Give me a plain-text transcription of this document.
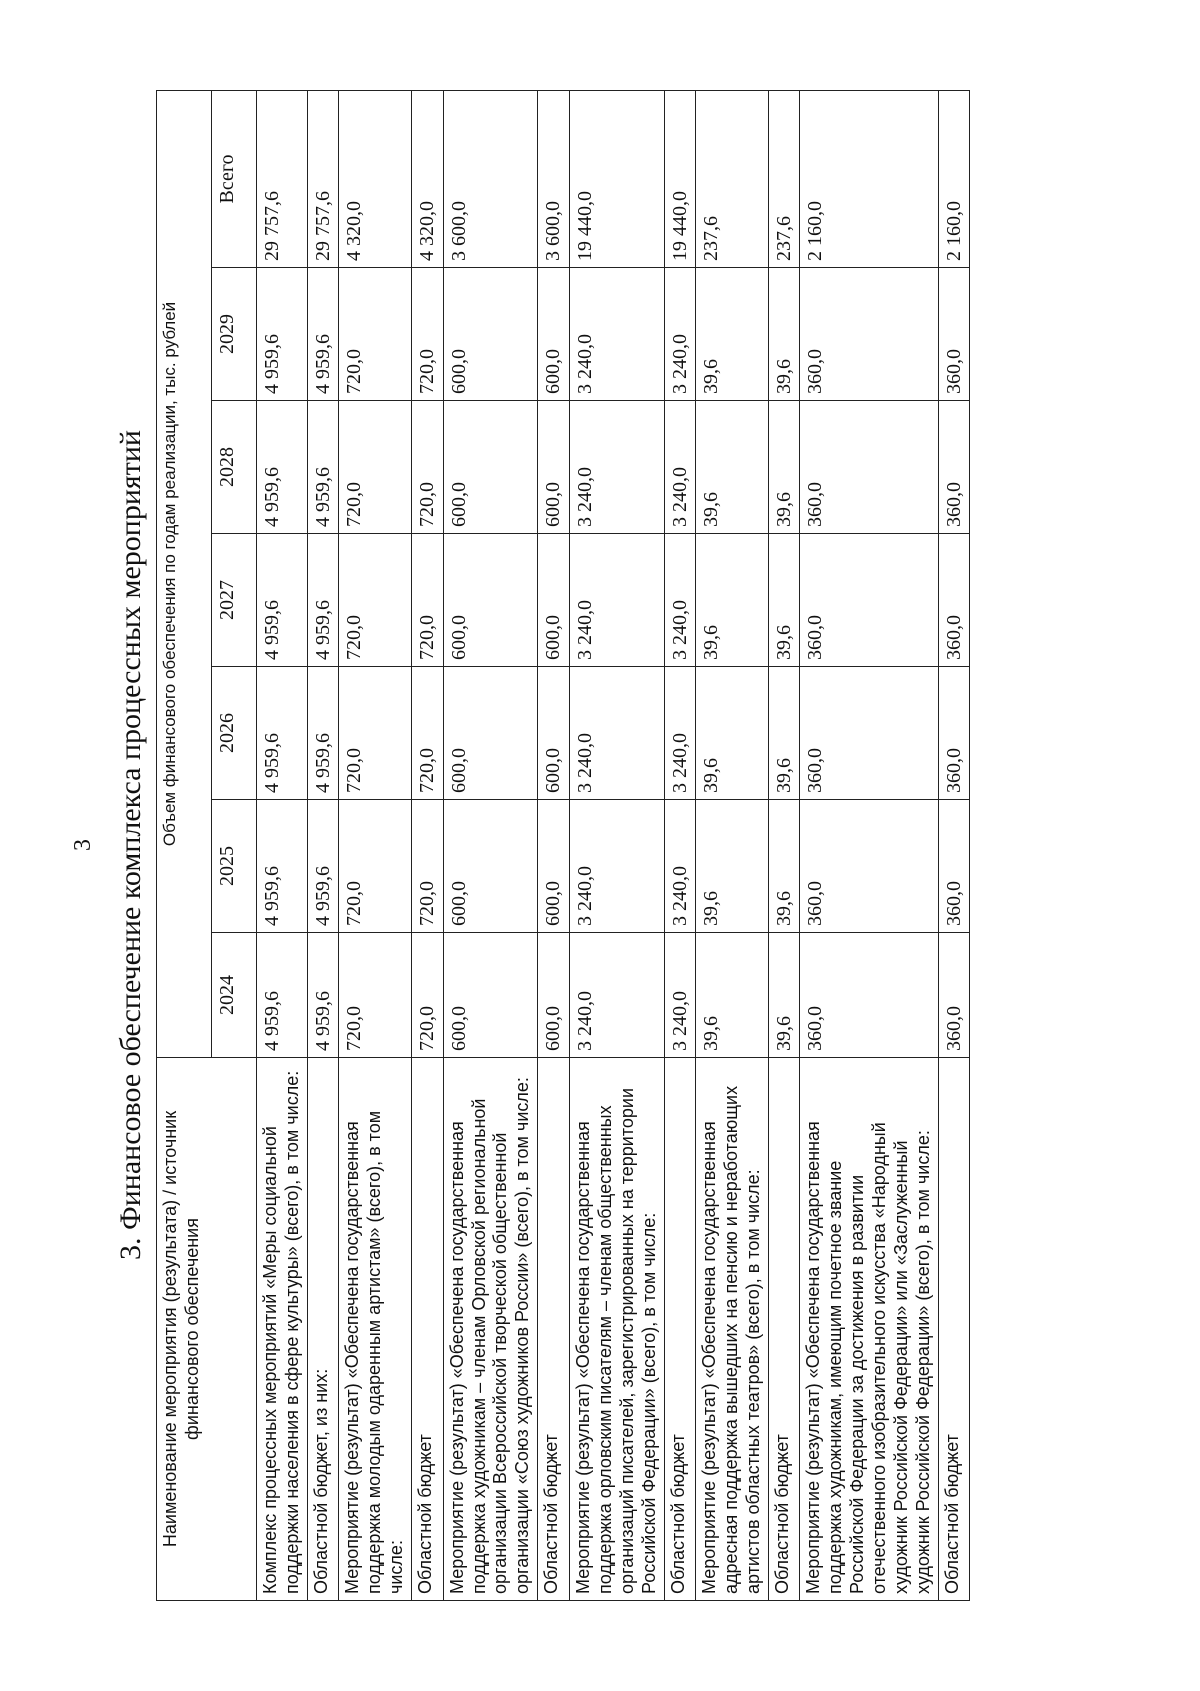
3 3. Финансовое обеспечение комплекса процессных мероприятий
Наименование мероприятия (результата) / источник финансового обеспечения	Объем финансового обеспечения по годам реализации, тыс. рублей						
	2024	2025	2026	2027	2028	2029	Всего
Комплекс процессных мероприятий «Меры социальной поддержки населения в сфере культуры» (всего), в том числе:	4 959,6	4 959,6	4 959,6	4 959,6	4 959,6	4 959,6	29 757,6
Областной бюджет, из них:	4 959,6	4 959,6	4 959,6	4 959,6	4 959,6	4 959,6	29 757,6
Мероприятие (результат) «Обеспечена государственная поддержка молодым одаренным артистам» (всего), в том числе:	720,0	720,0	720,0	720,0	720,0	720,0	4 320,0
Областной бюджет	720,0	720,0	720,0	720,0	720,0	720,0	4 320,0
Мероприятие (результат) «Обеспечена государственная поддержка художникам – членам Орловской региональной организации Всероссийской творческой общественной организации «Союз художников России» (всего), в том числе:	600,0	600,0	600,0	600,0	600,0	600,0	3 600,0
Областной бюджет	600,0	600,0	600,0	600,0	600,0	600,0	3 600,0
Мероприятие (результат) «Обеспечена государственная поддержка орловским писателям – членам общественных организаций писателей, зарегистрированных на территории Российской Федерации» (всего), в том числе:	3 240,0	3 240,0	3 240,0	3 240,0	3 240,0	3 240,0	19 440,0
Областной бюджет	3 240,0	3 240,0	3 240,0	3 240,0	3 240,0	3 240,0	19 440,0
Мероприятие (результат) «Обеспечена государственная адресная поддержка вышедших на пенсию и неработающих артистов областных театров» (всего), в том числе:	39,6	39,6	39,6	39,6	39,6	39,6	237,6
Областной бюджет	39,6	39,6	39,6	39,6	39,6	39,6	237,6
Мероприятие (результат) «Обеспечена государственная поддержка художникам, имеющим почетное звание Российской Федерации за достижения в развитии отечественного изобразительного искусства «Народный художник Российской Федерации» или «Заслуженный художник Российской Федерации» (всего), в том числе:	360,0	360,0	360,0	360,0	360,0	360,0	2 160,0
Областной бюджет	360,0	360,0	360,0	360,0	360,0	360,0	2 160,0
